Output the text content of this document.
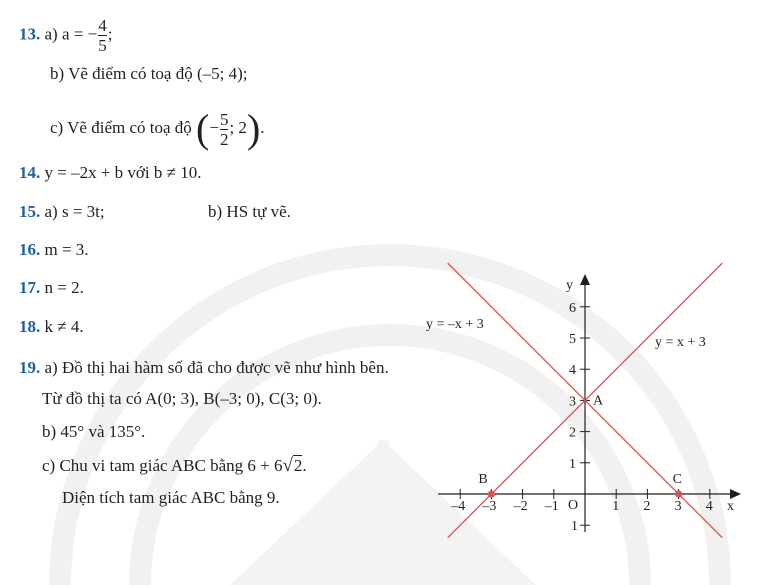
13. a) a = − $\frac{4}{5}$ ;
b) Vẽ điểm có toạ độ (–5; 4);
c) Vẽ điểm có toạ độ (− $\frac{5}{2}$ ; 2).
14. y = –2x + b với b ≠ 10.
15. a) s = 3t;	b) HS tự vẽ.
16. m = 3.
17. n = 2.
18. k ≠ 4.
19. a) Đồ thị hai hàm số đã cho được vẽ như hình bên.
Từ đồ thị ta có A(0; 3), B(–3; 0), C(3; 0).
b) 45° và 135°.
c) Chu vi tam giác ABC bằng 6 + 6√2.
Diện tích tam giác ABC bằng 9.	x
y
O
–4 –3 –2 –1	1 2 3 4
1
2
3
4
5
6
1
y = –x + 3
y = x + 3
A
B	C
